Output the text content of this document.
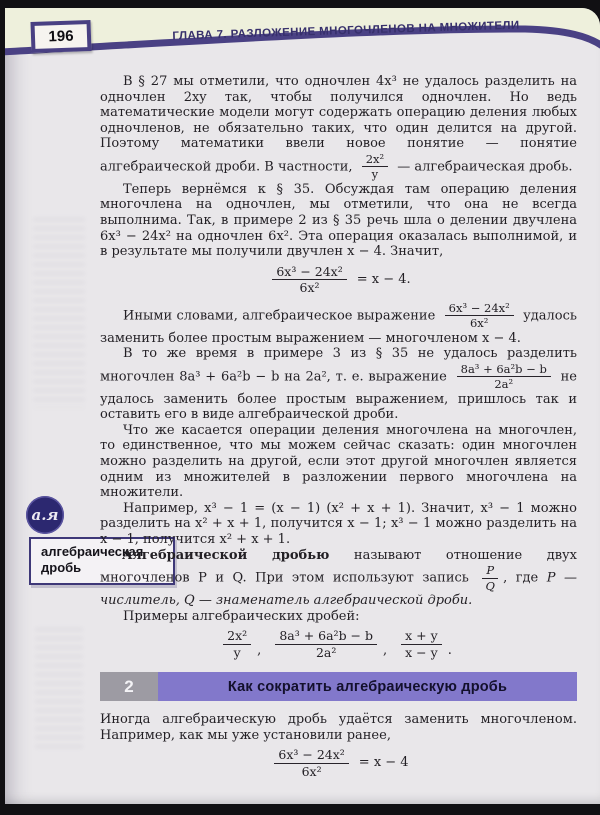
196	ГЛАВА 7. РАЗЛОЖЕНИЕ МНОГОЧЛЕНОВ НА МНОЖИТЕЛИ
а.я
алгебраическая
дробь

В § 27 мы отметили, что одночлен 4x³ не удалось разделить на одночлен 2xy так, чтобы получился одночлен. Но ведь математические модели могут содержать операцию деления любых одночленов, не обязательно таких, что один делится на другой. Поэтому математики ввели новое понятие — понятие алгебраической дроби. В частности, $\frac{\text{2x²}}{y}$ — алгебраическая дробь.

Теперь вернёмся к § 35. Обсуждая там операцию деления многочлена на одночлен, мы отметили, что она не всегда выполнима. Так, в примере 2 из § 35 речь шла о делении двучлена 6x³ − 24x² на одночлен 6x². Эта операция оказалась выполнимой, и в результате мы получили двучлен x − 4. Значит,

$\frac{\text{6x³ − 24x²}}{\text{6x²}} = x - 4$.

Иными словами, алгебраическое выражение $\frac{\text{6x³ − 24x²}}{\text{6x²}}$ удалось заменить более простым выражением — многочленом x − 4.

В то же время в примере 3 из § 35 не удалось разделить многочлен 8a³ + 6a²b − b на 2a², т. е. выражение $\frac{\text{8a³ + 6a²b − b}}{\text{2a²}}$ не удалось заменить более простым выражением, пришлось так и оставить его в виде алгебраической дроби.

Что же касается операции деления многочлена на многочлен, то единственное, что мы можем сейчас сказать: один многочлен можно разделить на другой, если этот другой многочлен является одним из множителей в разложении первого многочлена на множители.

Например, x³ − 1 = (x − 1) (x² + x + 1). Значит, x³ − 1 можно разделить на x² + x + 1, получится x − 1; x³ − 1 можно разделить на x − 1, получится x² + x + 1.

Алгебраической дробью называют отношение двух многочленов P и Q. При этом используют запись $\frac{P}{Q}$ , где P — числитель, Q — знаменатель алгебраической дроби.

Примеры алгебраических дробей:

$\frac{\text{2x²}}{y}$ , $\frac{\text{8a³ + 6a²b − b}}{\text{2a²}}$ , $\frac{x + y}{x - y}$ .
2	Как сократить алгебраическую дробь

Иногда алгебраическую дробь удаётся заменить многочленом. Например, как мы уже установили ранее,

$\frac{\text{6x³ − 24x²}}{\text{6x²}} = x - 4$
